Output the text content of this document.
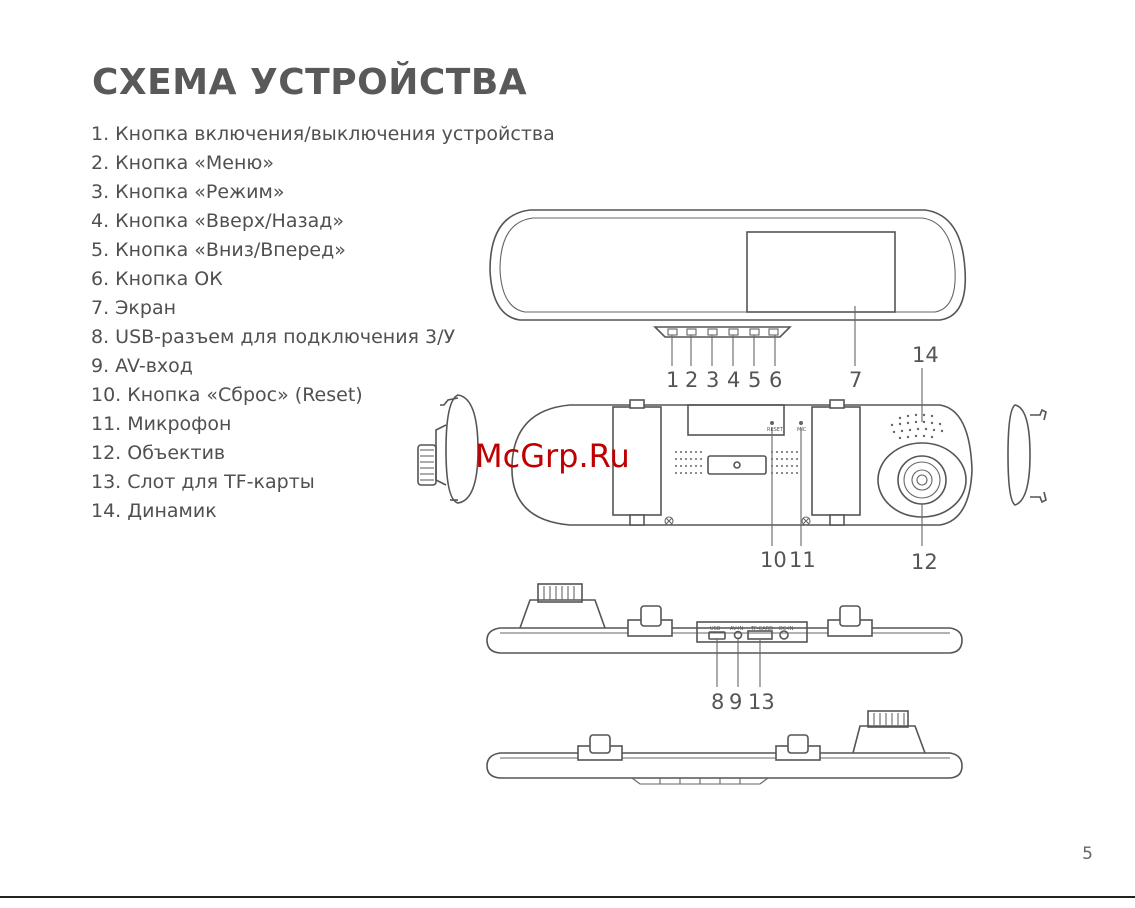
СХЕМА УСТРОЙСТВА
1. Кнопка включения/выключения устройства
2. Кнопка «Меню»
3. Кнопка «Режим»
4. Кнопка «Вверх/Назад»
5. Кнопка «Вниз/Вперед»
6. Кнопка ОК
7. Экран
8. USB-разъем для подключения 3/У
9. AV-вход
10. Кнопка «Сброс» (Reset)
11. Микрофон
12. Объектив
13. Слот для TF-карты
14. Динамик
1 2 3 4 5 6	7
RESET	MIC
10 11	12
14
USB AV-IN TF-CARD DC-IN
8 9 13
McGrp.Ru
5
